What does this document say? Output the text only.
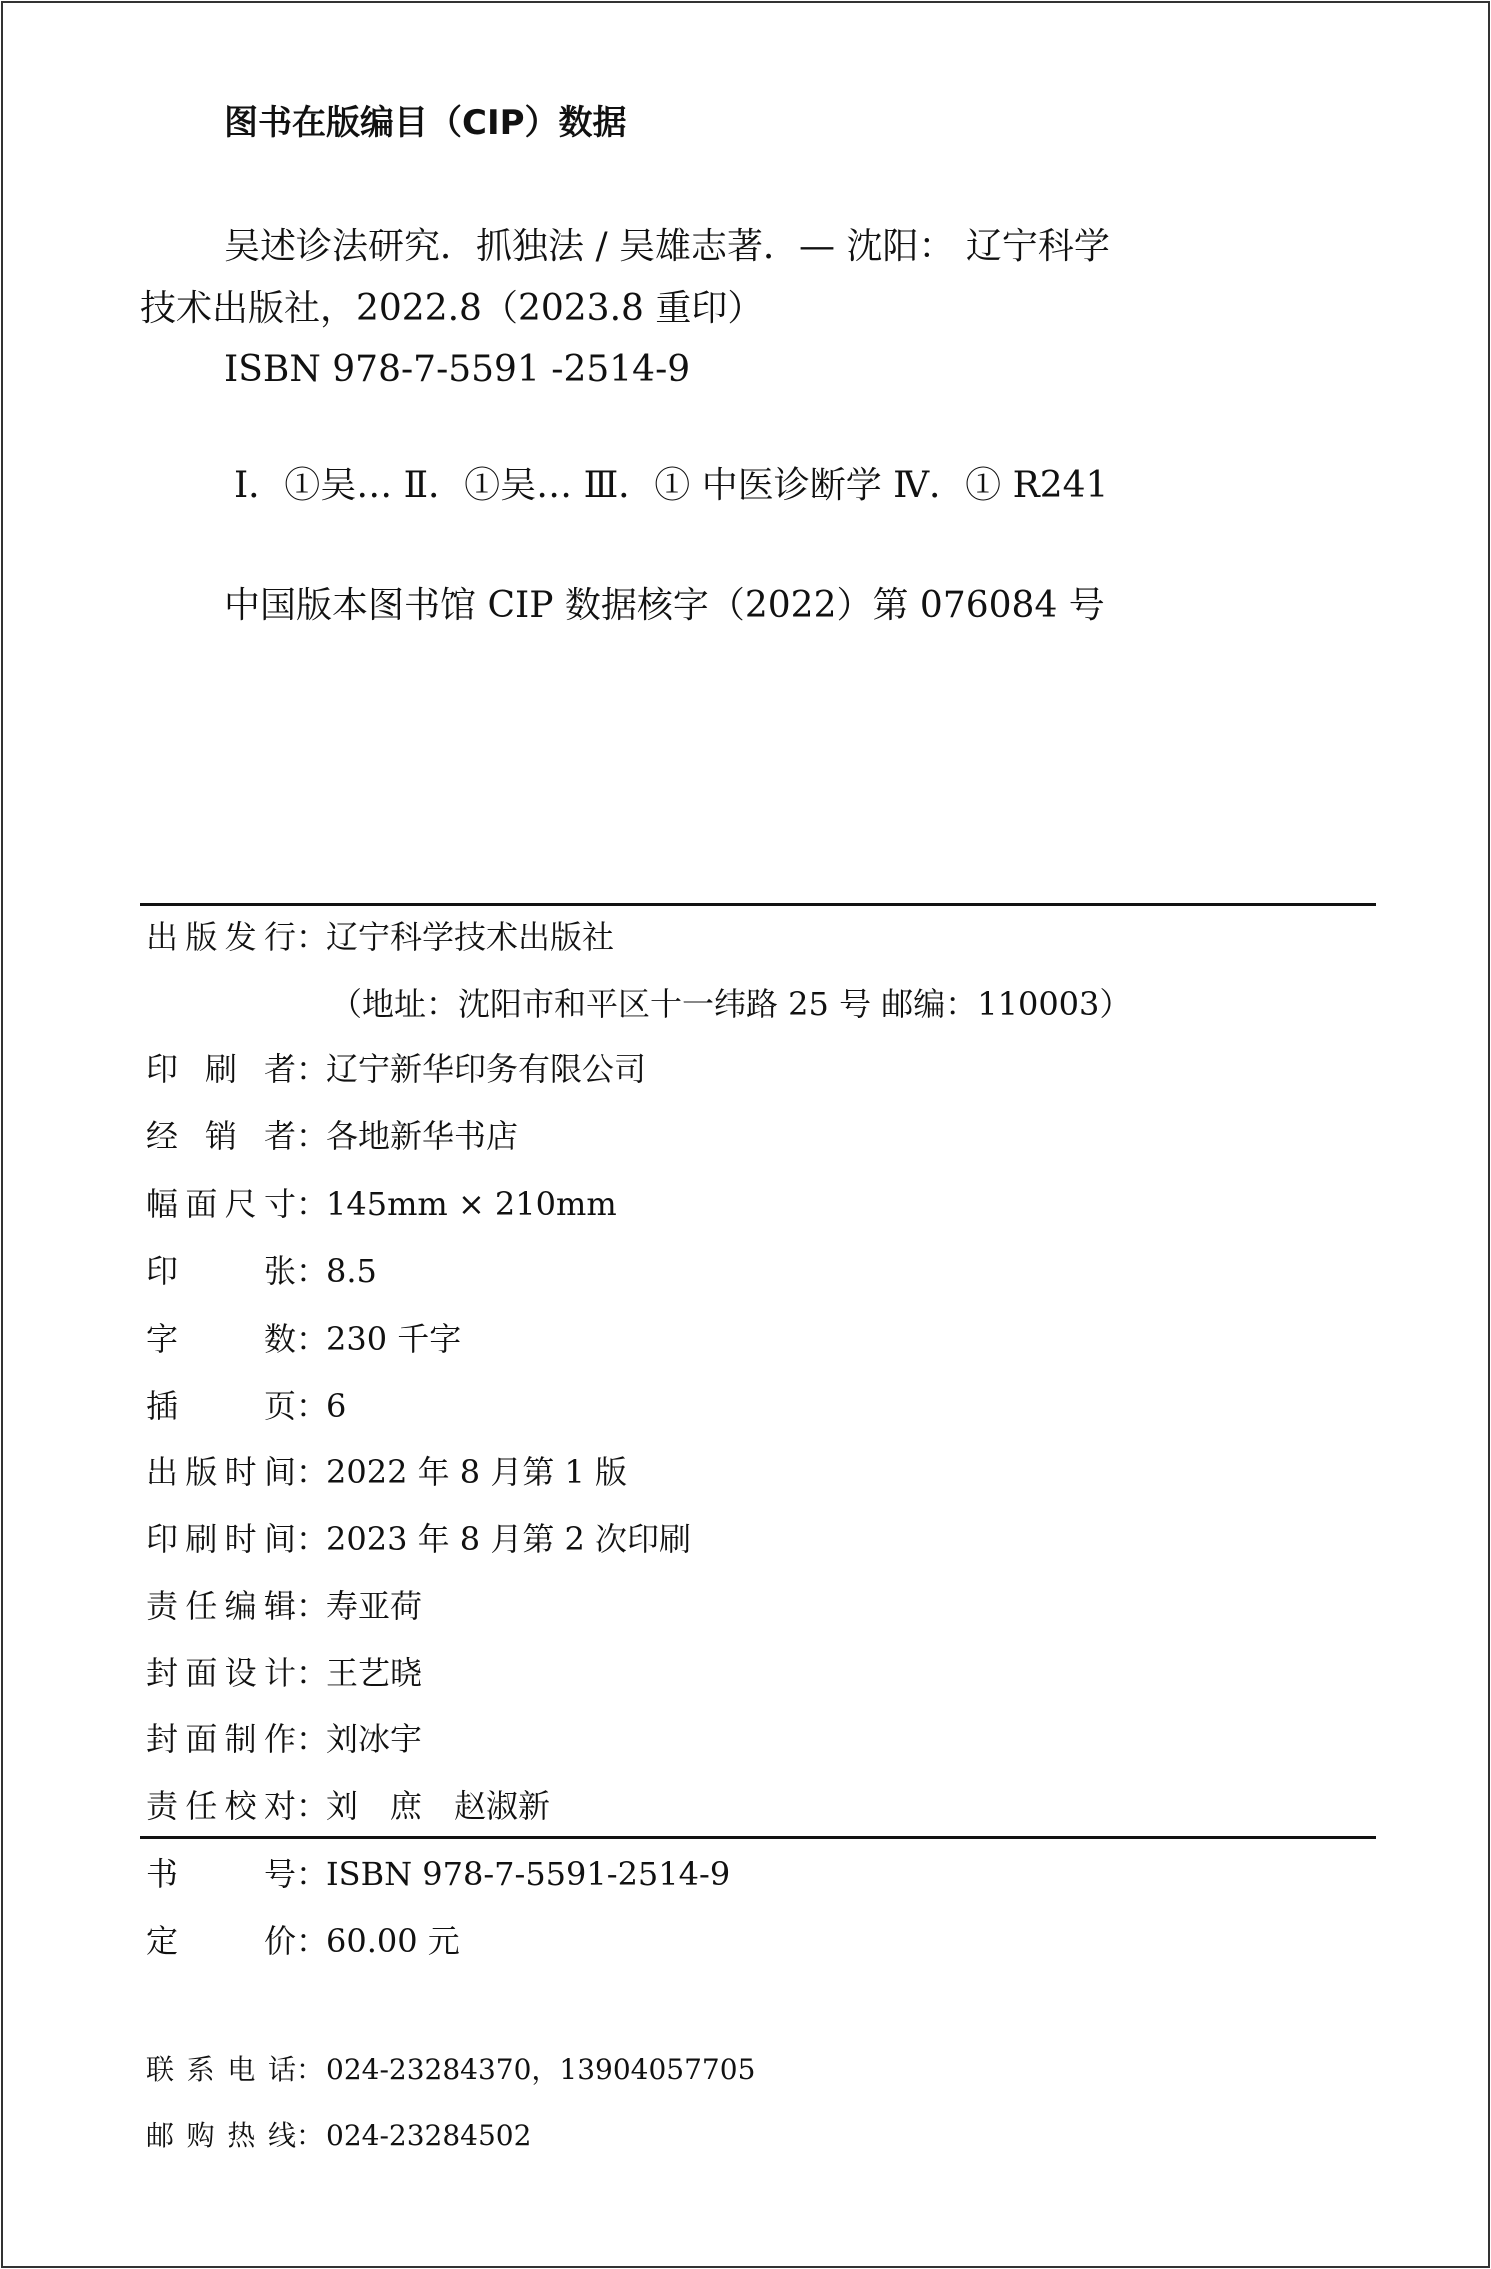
图书在版编目（CIP）数据
吴述诊法研究．抓独法 / 吴雄志著．— 沈阳： 辽宁科学
技术出版社，2022.8（2023.8 重印）
ISBN 978-7-5591 -2514-9
Ⅰ．①吴… Ⅱ．①吴… Ⅲ．① 中医诊断学 Ⅳ．① R241
中国版本图书馆 CIP 数据核字（2022）第 076084 号
出版发行：辽宁科学技术出版社
（地址：沈阳市和平区十一纬路 25 号 邮编：110003）
印刷者：辽宁新华印务有限公司
经销者：各地新华书店
幅面尺寸：145mm × 210mm
印张：8.5
字数：230 千字
插页：6
出版时间：2022 年 8 月第 1 版
印刷时间：2023 年 8 月第 2 次印刷
责任编辑：寿亚荷
封面设计：王艺晓
封面制作：刘冰宇
责任校对：刘　庶　赵淑新
书号：ISBN 978-7-5591-2514-9
定价：60.00 元
联系电话：024-23284370，13904057705
邮购热线：024-23284502
